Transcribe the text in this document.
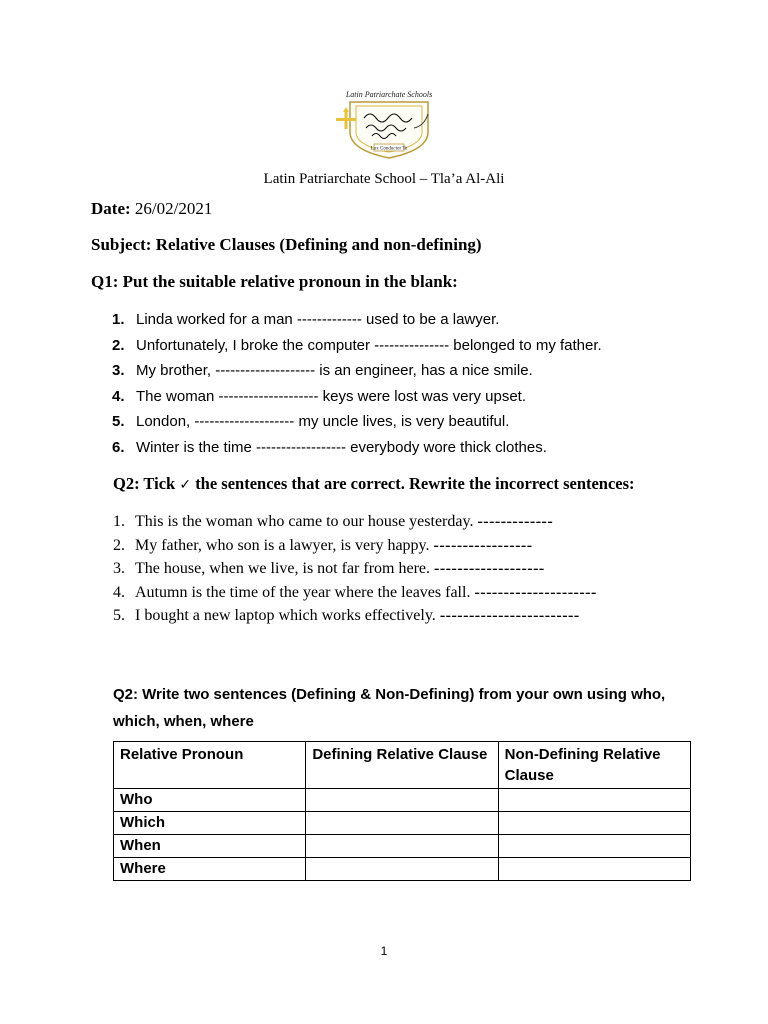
Latin Patriarchate Schools
Lux Conductor Te
Latin Patriarchate School – Tla’a Al-Ali
Date: 26/02/2021
Subject: Relative Clauses (Defining and non-defining)
Q1: Put the suitable relative pronoun in the blank:
1. Linda worked for a man ------------- used to be a lawyer.
2. Unfortunately, I broke the computer --------------- belonged to my father.
3. My brother, -------------------- is an engineer, has a nice smile.
4. The woman -------------------- keys were lost was very upset.
5. London, -------------------- my uncle lives, is very beautiful.
6. Winter is the time ------------------ everybody wore thick clothes.
Q2: Tick ✓ the sentences that are correct. Rewrite the incorrect sentences:
1. This is the woman who came to our house yesterday. -------------
2. My father, who son is a lawyer, is very happy. -----------------
3. The house, when we live, is not far from here. -------------------
4. Autumn is the time of the year where the leaves fall. ---------------------
5. I bought a new laptop which works effectively. ------------------------
Q2: Write two sentences (Defining & Non-Defining) from your own using who, which, when, where
Relative Pronoun	Defining Relative Clause	Non-Defining Relative Clause
Who		
Which		
When		
Where		
1
